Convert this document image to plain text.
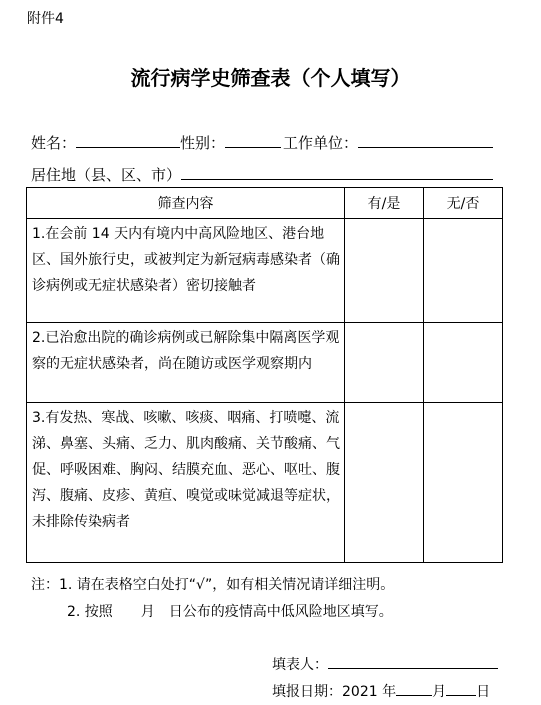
附件4
流行病学史筛查表（个人填写）
姓名：	性别：	工作单位：
居住地（县、区、市）
筛查内容	有/是	无/否
1.在会前 14 天内有境内中高风险地区、港台地区、国外旅行史，或被判定为新冠病毒感染者（确诊病例或无症状感染者）密切接触者		
2.已治愈出院的确诊病例或已解除集中隔离医学观察的无症状感染者，尚在随访或医学观察期内		
3.有发热、寒战、咳嗽、咳痰、咽痛、打喷嚏、流涕、鼻塞、头痛、乏力、肌肉酸痛、关节酸痛、气促、呼吸困难、胸闷、结膜充血、恶心、呕吐、腹泻、腹痛、皮疹、黄疸、嗅觉或味觉减退等症状，未排除传染病者		
注：1. 请在表格空白处打“√”，如有相关情况请详细注明。
2. 按照　　月　日公布的疫情高中低风险地区填写。
填表人：
填报日期：2021 年	月 日
